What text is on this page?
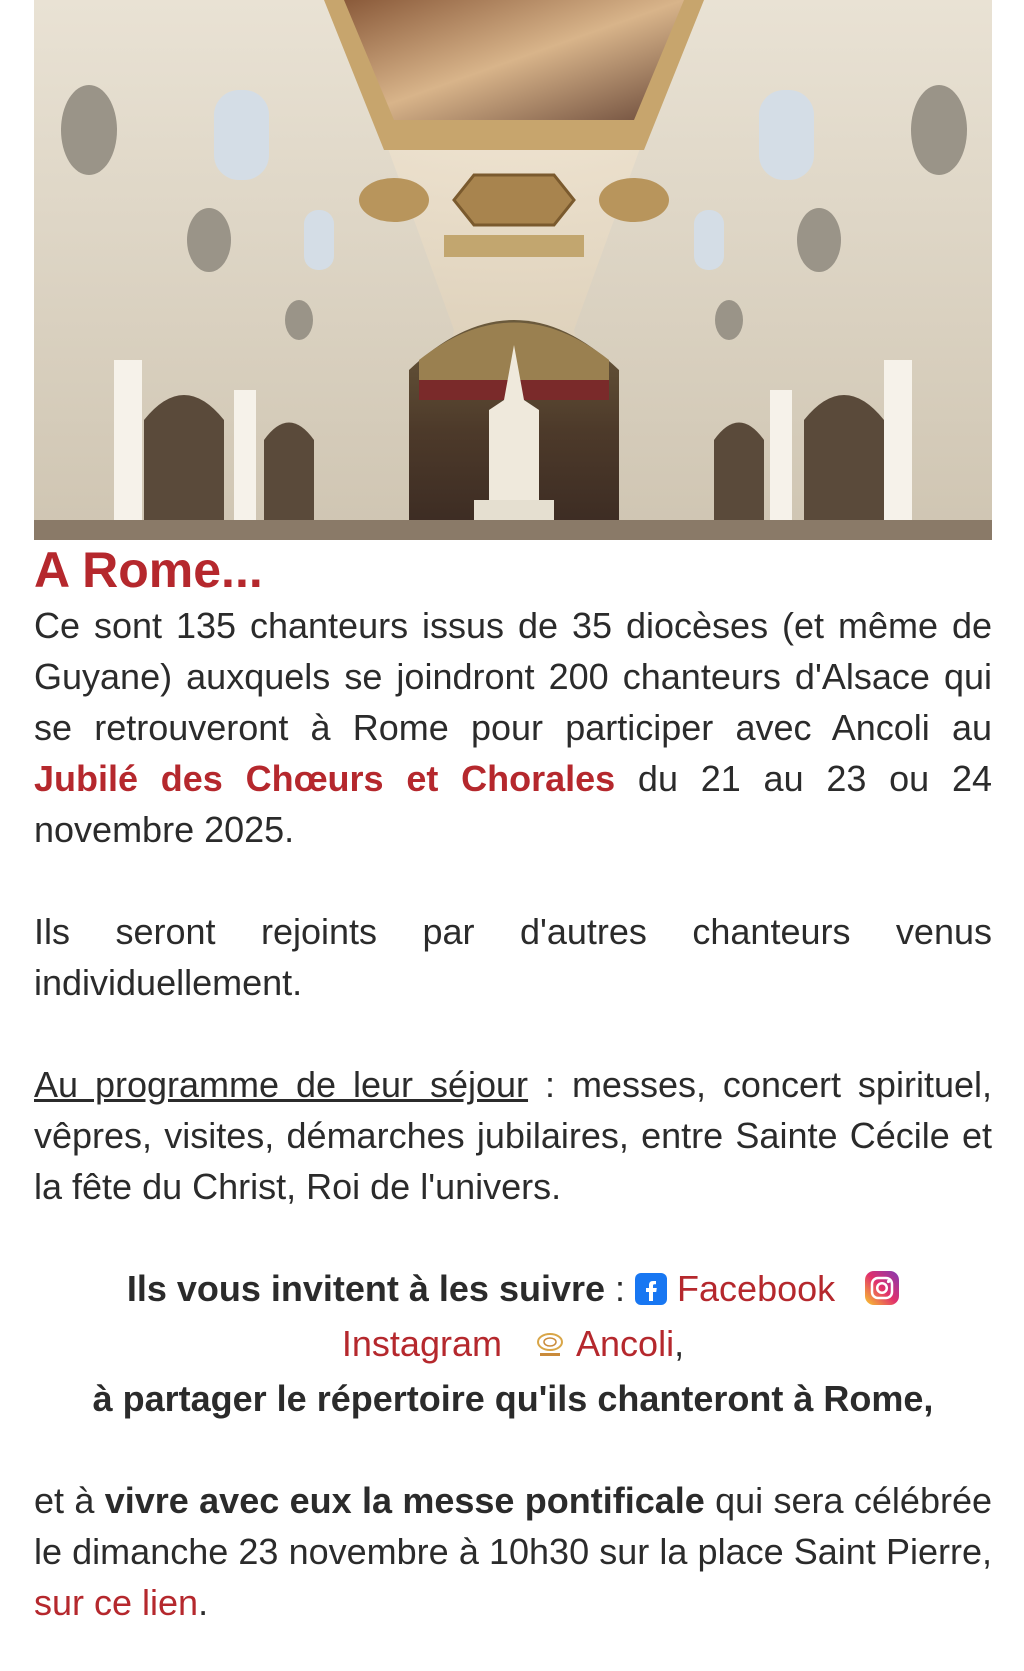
A Rome...

Ce sont 135 chanteurs issus de 35 diocèses (et même de Guyane) auxquels se joindront 200 chanteurs d'Alsace qui se retrouveront à Rome pour participer avec Ancoli au Jubilé des Chœurs et Chorales du 21 au 23 ou 24 novembre 2025.

Ils seront rejoints par d'autres chanteurs venus individuellement.

Au programme de leur séjour : messes, concert spirituel, vêpres, visites, démarches jubilaires, entre Sainte Cécile et la fête du Christ, Roi de l'univers.

Ils vous invitent à les suivre :  Facebook
Instagram Ancoli,
à partager le répertoire qu'ils chanteront à Rome,

et à vivre avec eux la messe pontificale qui sera célébrée le dimanche 23 novembre à 10h30 sur la place Saint Pierre, sur ce lien.
